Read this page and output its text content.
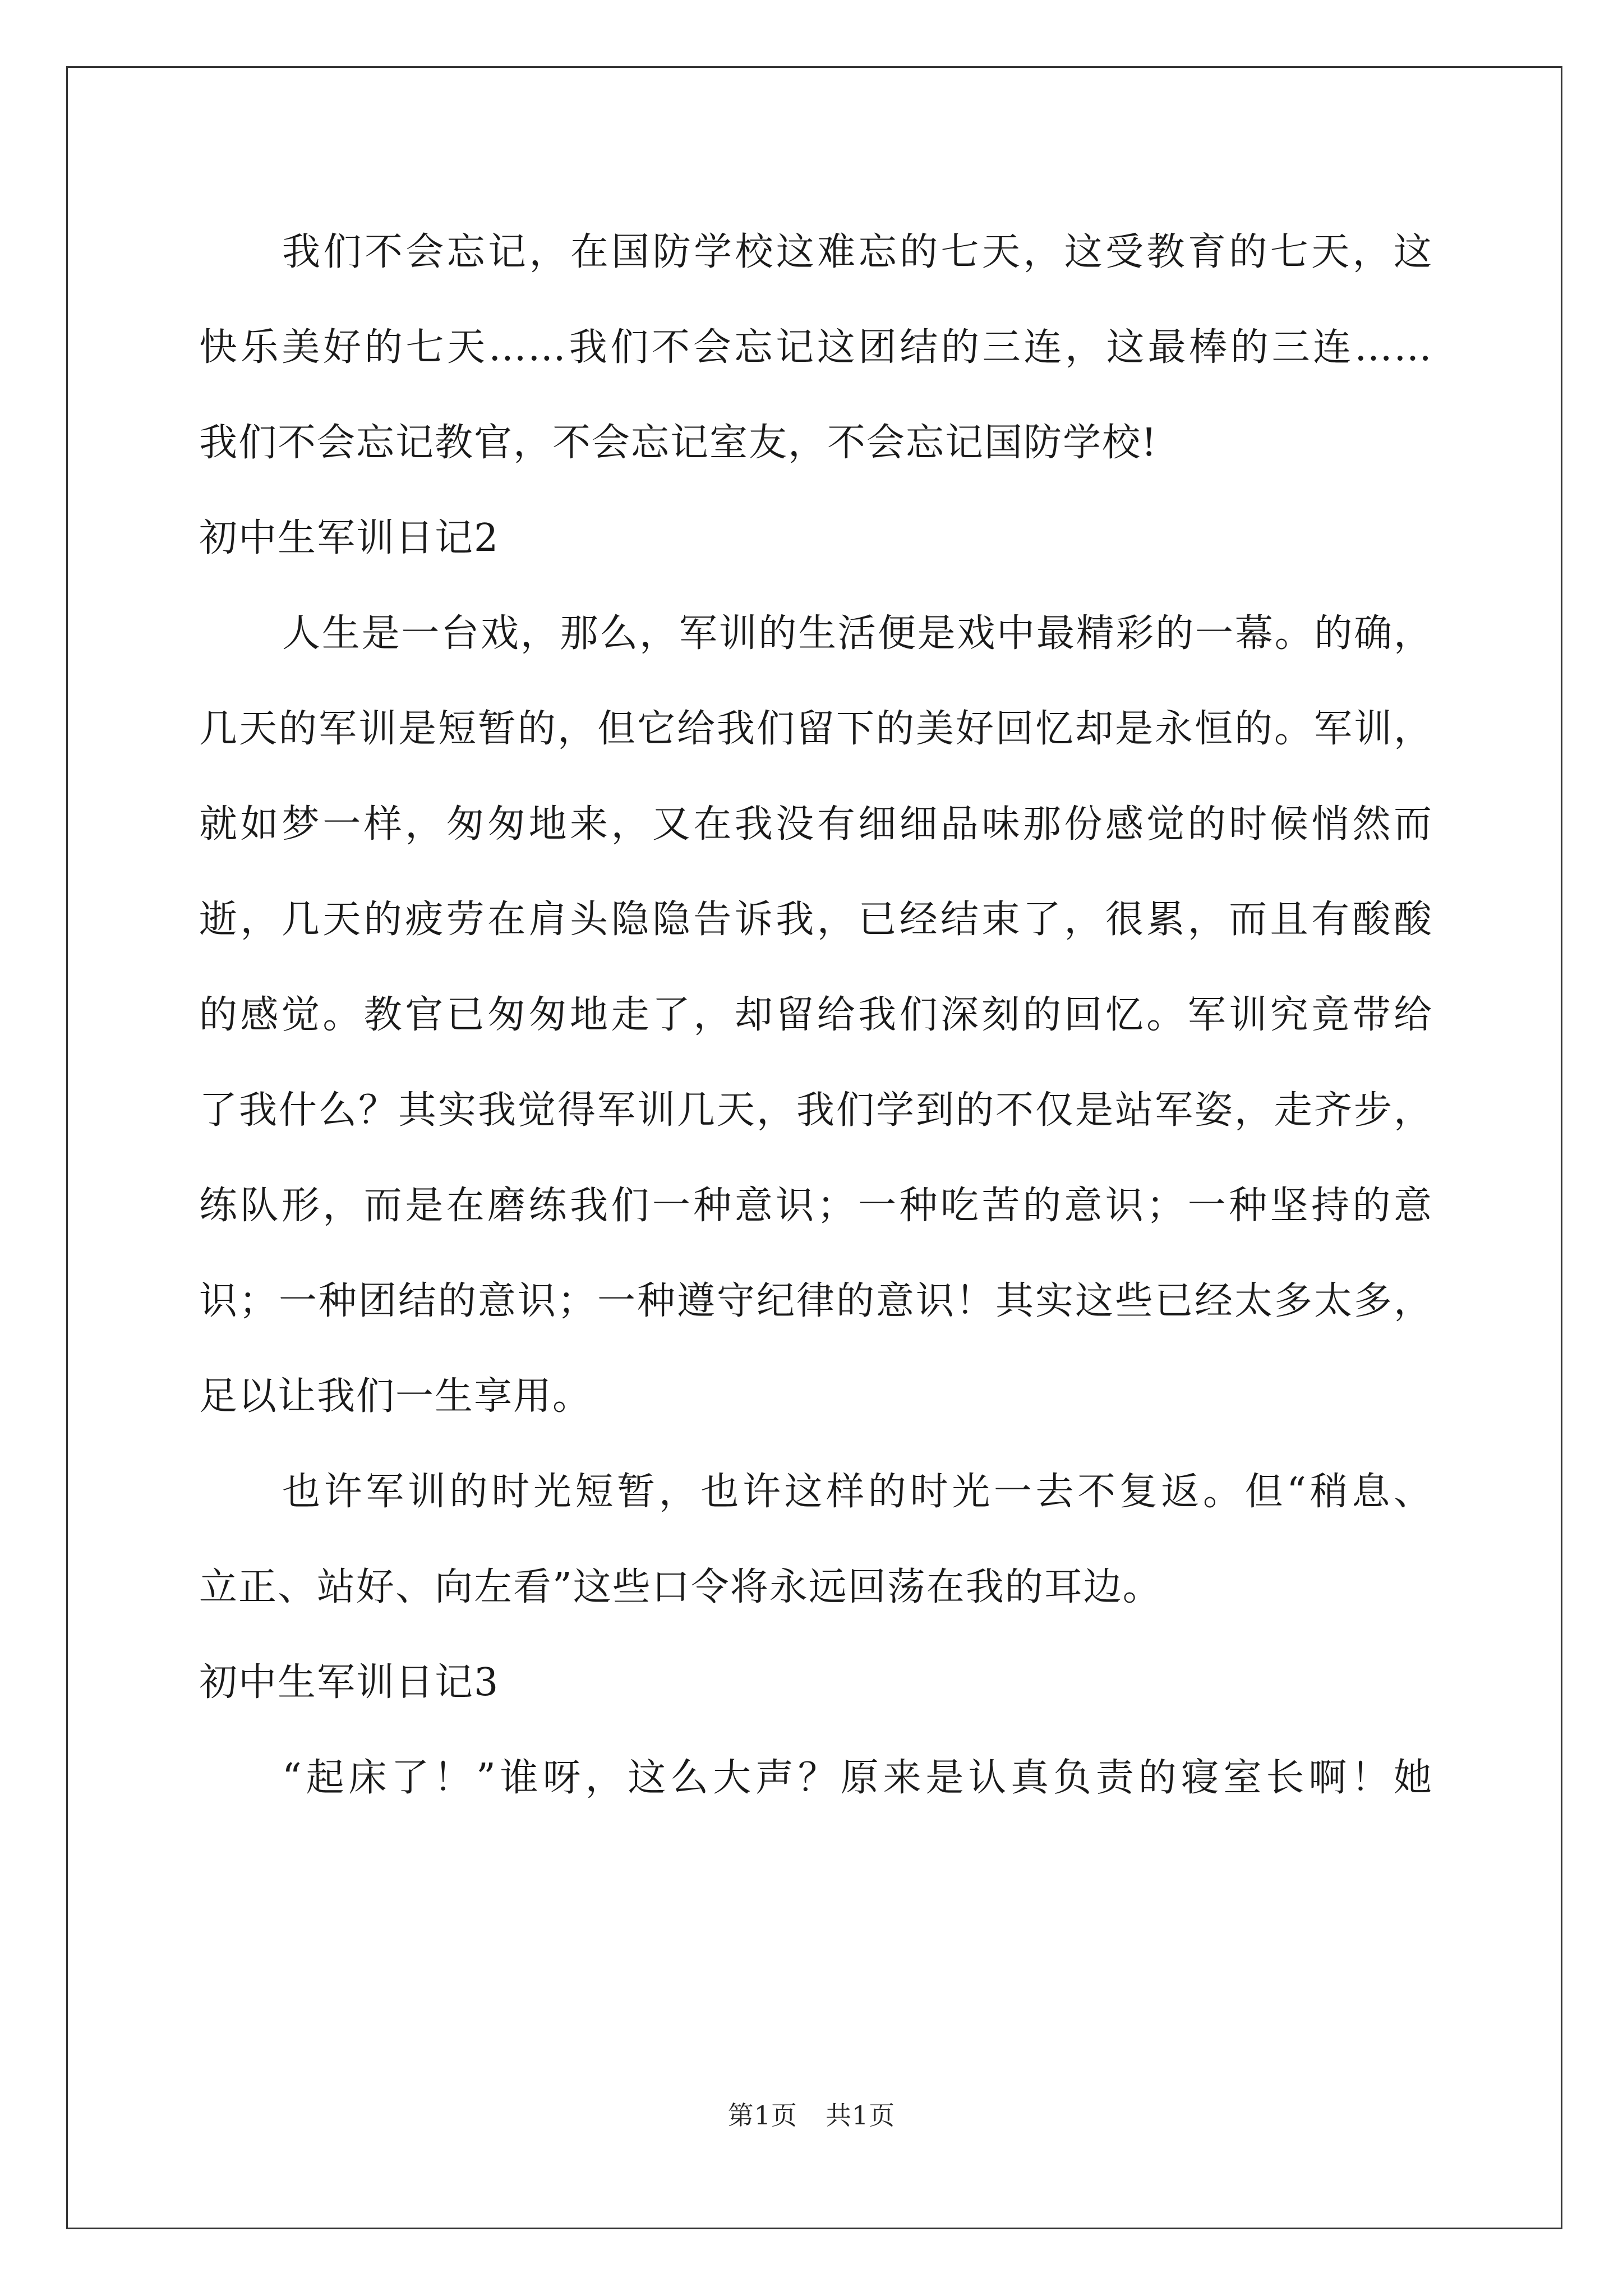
我们不会忘记，在国防学校这难忘的七天，这受教育的七天，这
快乐美好的七天……我们不会忘记这团结的三连，这最棒的三连……
我们不会忘记教官，不会忘记室友，不会忘记国防学校!
初中生军训日记2
人生是一台戏，那么，军训的生活便是戏中最精彩的一幕。的确，
几天的军训是短暂的，但它给我们留下的美好回忆却是永恒的。军训，
就如梦一样，匆匆地来，又在我没有细细品味那份感觉的时候悄然而
逝，几天的疲劳在肩头隐隐告诉我，已经结束了，很累，而且有酸酸
的感觉。教官已匆匆地走了，却留给我们深刻的回忆。军训究竟带给
了我什么？其实我觉得军训几天，我们学到的不仅是站军姿，走齐步，
练队形，而是在磨练我们一种意识；一种吃苦的意识；一种坚持的意
识；一种团结的意识；一种遵守纪律的意识！其实这些已经太多太多，
足以让我们一生享用。
也许军训的时光短暂，也许这样的时光一去不复返。但“稍息、
立正、站好、向左看”这些口令将永远回荡在我的耳边。
初中生军训日记3
“起床了！”谁呀，这么大声？原来是认真负责的寝室长啊！她
第1页 共1页
